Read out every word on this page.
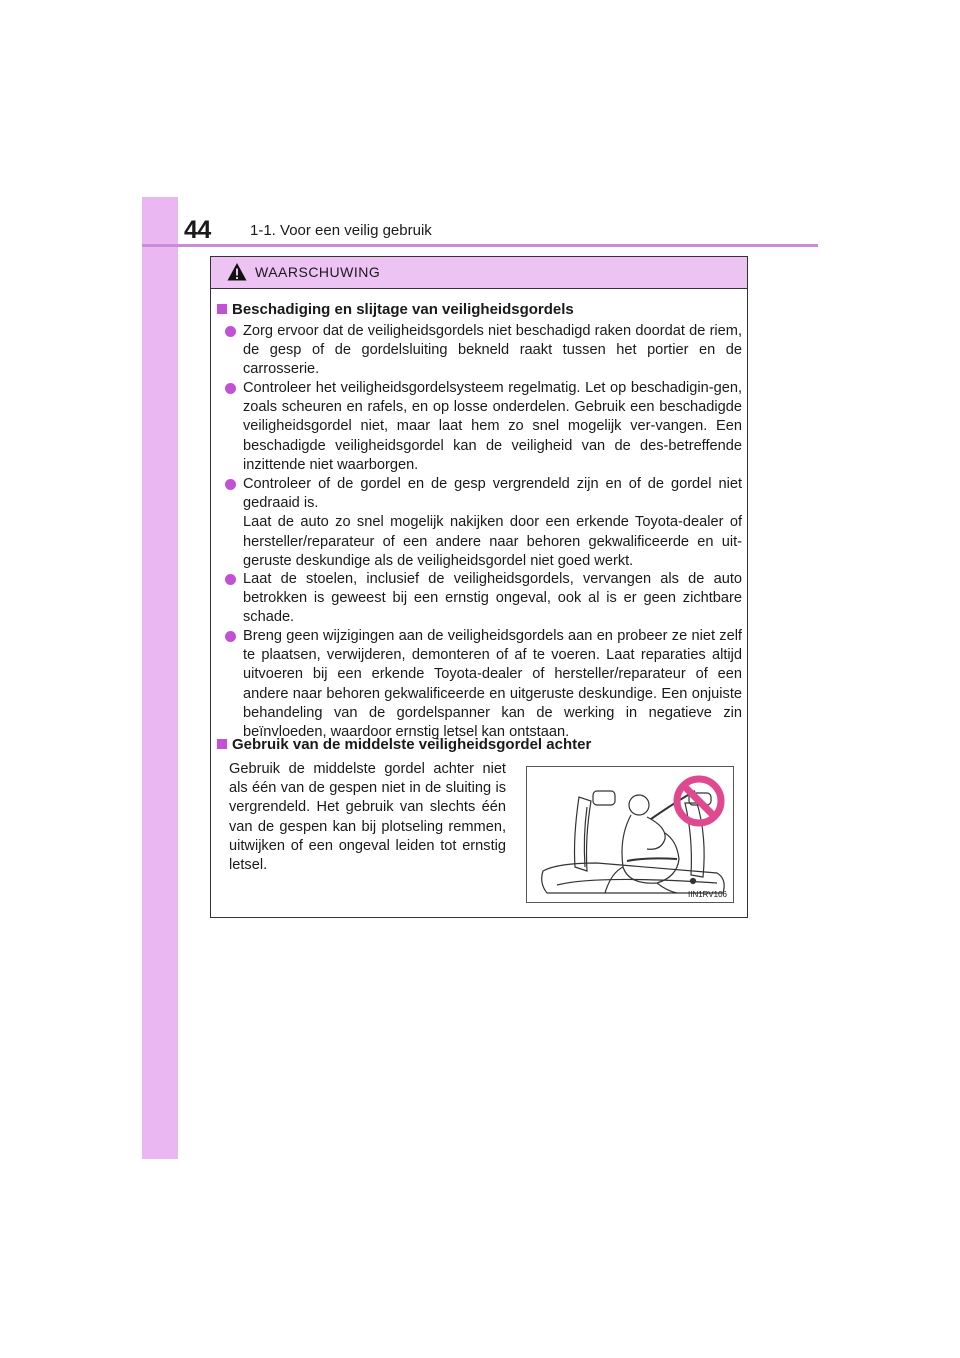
44	1-1. Voor een veilig gebruik
WAARSCHUWING
Beschadiging en slijtage van veiligheidsgordels
Zorg ervoor dat de veiligheidsgordels niet beschadigd raken doordat de riem, de gesp of de gordelsluiting bekneld raakt tussen het portier en de carrosserie.
Controleer het veiligheidsgordelsysteem regelmatig. Let op beschadigin-gen, zoals scheuren en rafels, en op losse onderdelen. Gebruik een beschadigde veiligheidsgordel niet, maar laat hem zo snel mogelijk ver-vangen. Een beschadigde veiligheidsgordel kan de veiligheid van de des-betreffende inzittende niet waarborgen.
Controleer of de gordel en de gesp vergrendeld zijn en of de gordel niet gedraaid is.
Laat de auto zo snel mogelijk nakijken door een erkende Toyota-dealer of hersteller/reparateur of een andere naar behoren gekwalificeerde en uit-geruste deskundige als de veiligheidsgordel niet goed werkt.
Laat de stoelen, inclusief de veiligheidsgordels, vervangen als de auto betrokken is geweest bij een ernstig ongeval, ook al is er geen zichtbare schade.
Breng geen wijzigingen aan de veiligheidsgordels aan en probeer ze niet zelf te plaatsen, verwijderen, demonteren of af te voeren. Laat reparaties altijd uitvoeren bij een erkende Toyota-dealer of hersteller/reparateur of een andere naar behoren gekwalificeerde en uitgeruste deskundige. Een onjuiste behandeling van de gordelspanner kan de werking in negatieve zin beïnvloeden, waardoor ernstig letsel kan ontstaan.
Gebruik van de middelste veiligheidsgordel achter
Gebruik de middelste gordel achter niet als één van de gespen niet in de sluiting is vergrendeld. Het gebruik van slechts één van de gespen kan bij plotseling remmen, uitwijken of een ongeval leiden tot ernstig letsel.
IIN1RV106
